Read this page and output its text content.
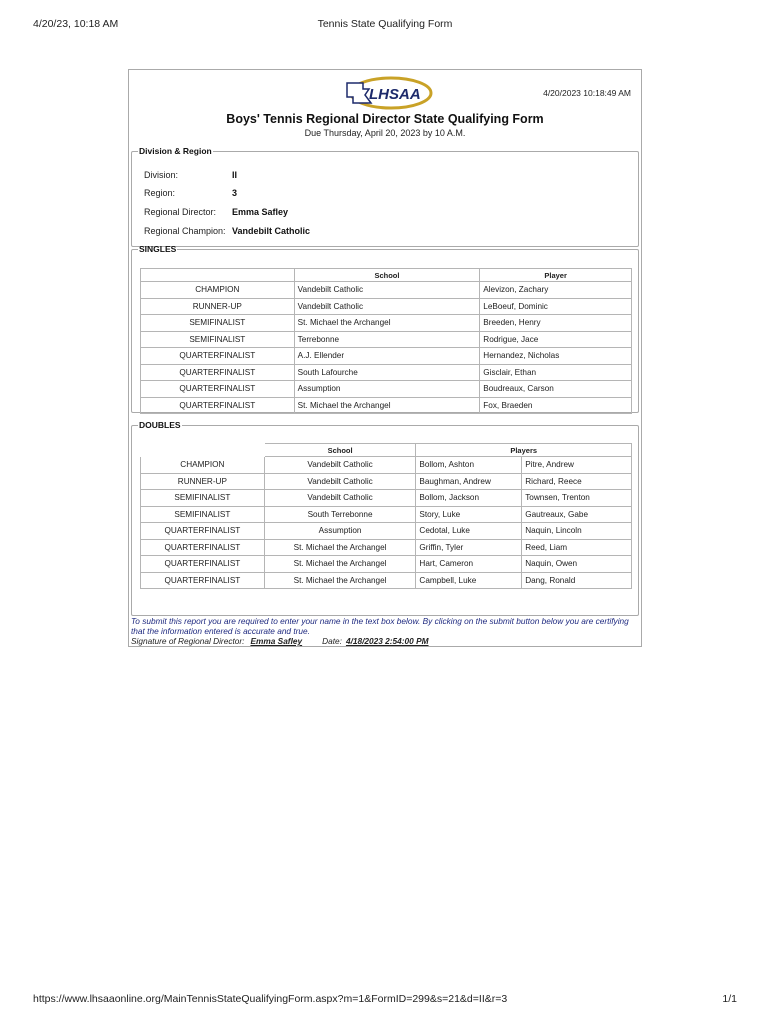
4/20/23, 10:18 AM	Tennis State Qualifying Form
LHSAA	4/20/2023 10:18:49 AM
Boys' Tennis Regional Director State Qualifying Form
Due Thursday, April 20, 2023 by 10 A.M.
Division & Region
Division:	II
Region:	3
Regional Director: Emma Safley
Regional Champion: Vandebilt Catholic
SINGLES
	School	Player
CHAMPION	Vandebilt Catholic	Alevizon, Zachary
RUNNER-UP	Vandebilt Catholic	LeBoeuf, Dominic
SEMIFINALIST	St. Michael the Archangel	Breeden, Henry
SEMIFINALIST	Terrebonne	Rodrigue, Jace
QUARTERFINALIST	A.J. Ellender	Hernandez, Nicholas
QUARTERFINALIST	South Lafourche	Gisclair, Ethan
QUARTERFINALIST	Assumption	Boudreaux, Carson
QUARTERFINALIST	St. Michael the Archangel	Fox, Braeden
DOUBLES
	School	Players	
CHAMPION	Vandebilt Catholic	Bollom, Ashton	Pitre, Andrew
RUNNER-UP	Vandebilt Catholic	Baughman, Andrew	Richard, Reece
SEMIFINALIST	Vandebilt Catholic	Bollom, Jackson	Townsen, Trenton
SEMIFINALIST	South Terrebonne	Story, Luke	Gautreaux, Gabe
QUARTERFINALIST	Assumption	Cedotal, Luke	Naquin, Lincoln
QUARTERFINALIST	St. Michael the Archangel	Griffin, Tyler	Reed, Liam
QUARTERFINALIST	St. Michael the Archangel	Hart, Cameron	Naquin, Owen
QUARTERFINALIST	St. Michael the Archangel	Campbell, Luke	Dang, Ronald
To submit this report you are required to enter your name in the text box below. By clicking on the submit button below you are certifying that the information entered is accurate and true.
Signature of Regional Director: Emma Safley Date: 4/18/2023 2:54:00 PM
https://www.lhsaaonline.org/MainTennisStateQualifyingForm.aspx?m=1&FormID=299&s=21&d=II&r=3	1/1
